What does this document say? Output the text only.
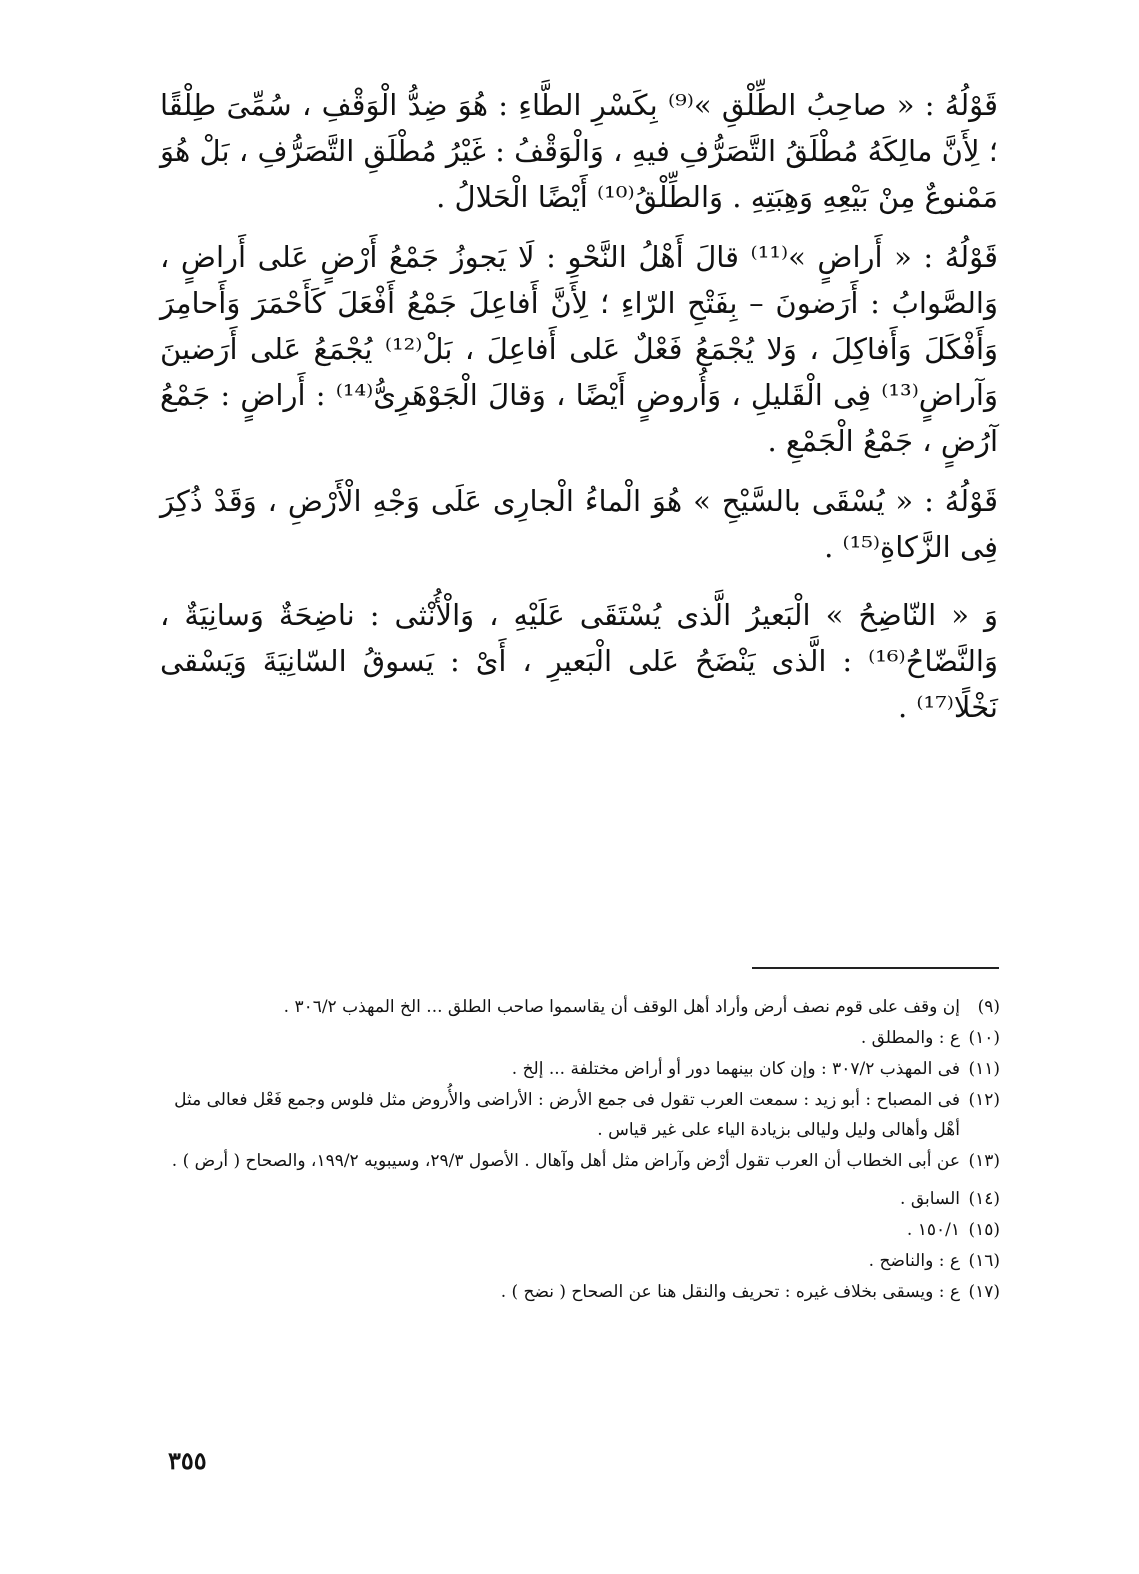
قَوْلُهُ : « صاحِبُ الطِّلْقِ »⁽⁹⁾ بِكَسْرِ الطَّاءِ : هُوَ ضِدُّ الْوَقْفِ ، سُمِّىَ طِلْقًا ؛ لِأَنَّ مالِكَهُ مُطْلَقُ التَّصَرُّفِ فيهِ ، وَالْوَقْفُ : غَيْرُ مُطْلَقِ التَّصَرُّفِ ، بَلْ هُوَ مَمْنوعٌ مِنْ بَيْعِهِ وَهِبَتِهِ . وَالطِّلْقُ⁽¹⁰⁾ أَيْضًا الْحَلالُ .

قَوْلُهُ : « أَراضٍ »⁽¹¹⁾ قالَ أَهْلُ النَّحْوِ : لَا يَجوزُ جَمْعُ أَرْضٍ عَلى أَراضٍ ، وَالصَّوابُ : أَرَضونَ – بِفَتْحِ الرّاءِ ؛ لِأَنَّ أَفاعِلَ جَمْعُ أَفْعَلَ كَأَحْمَرَ وَأَحامِرَ وَأَفْكَلَ وَأَفاكِلَ ، وَلا يُجْمَعُ فَعْلٌ عَلى أَفاعِلَ ، بَلْ⁽¹²⁾ يُجْمَعُ عَلى أَرَضينَ وَآراضٍ⁽¹³⁾ فِى الْقَليلِ ، وَأُروضٍ أَيْضًا ، وَقالَ الْجَوْهَرِىُّ⁽¹⁴⁾ : أَراضٍ : جَمْعُ آرُضٍ ، جَمْعُ الْجَمْعِ .

قَوْلُهُ : « يُسْقَى بالسَّيْحِ » هُوَ الْماءُ الْجارِى عَلَى وَجْهِ الْأَرْضِ ، وَقَدْ ذُكِرَ فِى الزَّكاةِ⁽¹⁵⁾ .

وَ « النّاضِحُ » الْبَعيرُ الَّذى يُسْتَقَى عَلَيْهِ ، وَالْأُنْثى : ناضِحَةٌ وَسانِيَةٌ ، وَالنَّضّاحُ⁽¹⁶⁾ : الَّذى يَنْضَحُ عَلى الْبَعيرِ ، أَىْ : يَسوقُ السّانِيَةَ وَيَسْقى نَخْلًا⁽¹⁷⁾ .

(٩)
إن وقف على قوم نصف أرض وأراد أهل الوقف أن يقاسموا صاحب الطلق ... الخ المهذب ٣٠٦/٢ .
(١٠)
ع : والمطلق .
(١١)
فى المهذب ٣٠٧/٢ : وإن كان بينهما دور أو أراض مختلفة ... إلخ .
(١٢)
فى المصباح : أبو زيد : سمعت العرب تقول فى جمع الأرض : الأراضى والأُروض مثل فلوس وجمع فَعْل فعالى مثل أهْل وأهالى وليل وليالى بزيادة الياء على غير قياس .
(١٣)
عن أبى الخطاب أن العرب تقول أرْض وآراض مثل أهل وآهال . الأصول ٢٩/٣، وسيبويه ١٩٩/٢، والصحاح ( أرض ) .
(١٤)
السابق .
(١٥)
١٥٠/١ .
(١٦)
ع : والناضح .
(١٧)
ع : ويسقى بخلاف غيره : تحريف والنقل هنا عن الصحاح ( نضح ) .
٣٥٥
